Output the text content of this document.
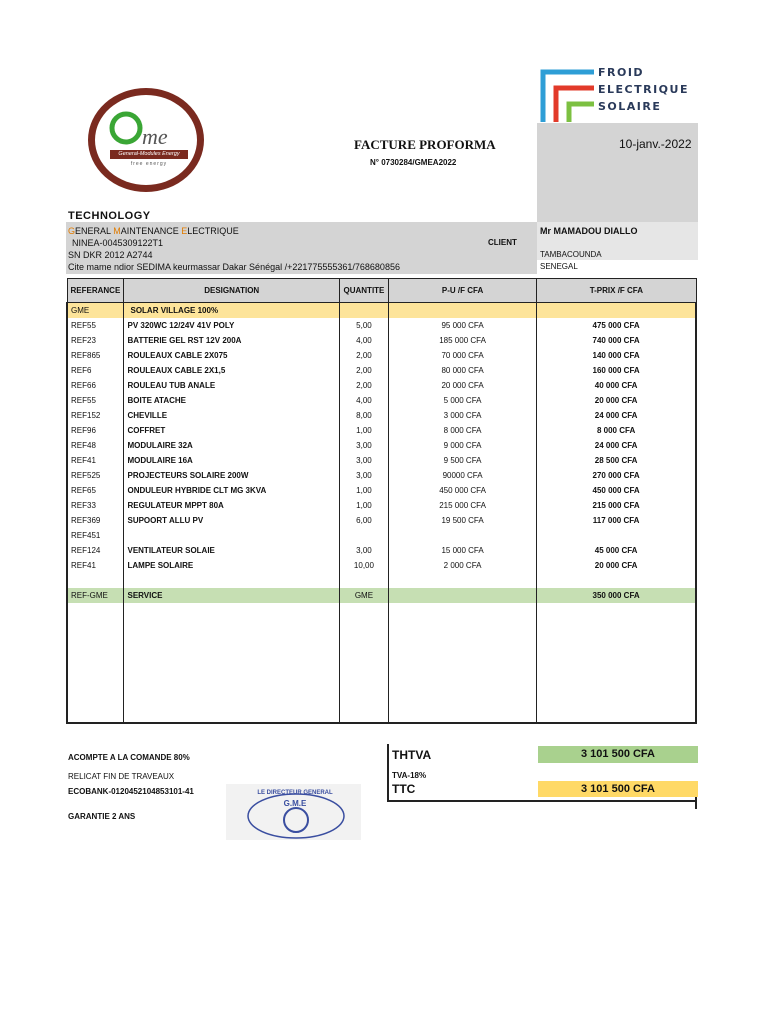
me
General-Modules Energy
free energy
FROID
ELECTRIQUE
SOLAIRE
FACTURE PROFORMA
N° 0730284/GMEA2022
10-janv.-2022
TECHNOLOGY
GENERAL MAINTENANCE ELECTRIQUE
NINEA-0045309122T1
SN DKR 2012 A2744
Cite mame ndior SEDIMA keurmassar Dakar Sénégal /+221775555361/768680856
CLIENT
Mr MAMADOU DIALLO
TAMBACOUNDA
SENEGAL
REFERANCE	DESIGNATION	QUANTITE	P-U /F CFA	T-PRIX /F CFA
GME	SOLAR VILLAGE 100%			
REF55	PV 320WC 12/24V 41V POLY	5,00	95 000 CFA	475 000 CFA
REF23	BATTERIE GEL RST 12V 200A	4,00	185 000 CFA	740 000 CFA
REF865	ROULEAUX CABLE 2X075	2,00	70 000 CFA	140 000 CFA
REF6	ROULEAUX CABLE 2X1,5	2,00	80 000 CFA	160 000 CFA
REF66	ROULEAU TUB ANALE	2,00	20 000 CFA	40 000 CFA
REF55	BOITE ATACHE	4,00	5 000 CFA	20 000 CFA
REF152	CHEVILLE	8,00	3 000 CFA	24 000 CFA
REF96	COFFRET	1,00	8 000 CFA	8 000 CFA
REF48	MODULAIRE 32A	3,00	9 000 CFA	24 000 CFA
REF41	MODULAIRE 16A	3,00	9 500 CFA	28 500 CFA
REF525	PROJECTEURS SOLAIRE 200W	3,00	90000 CFA	270 000 CFA
REF65	ONDULEUR HYBRIDE CLT MG 3KVA	1,00	450 000 CFA	450 000 CFA
REF33	REGULATEUR MPPT 80A	1,00	215 000 CFA	215 000 CFA
REF369	SUPOORT ALLU PV	6,00	19 500 CFA	117 000 CFA
REF451				
REF124	VENTILATEUR SOLAIE	3,00	15 000 CFA	45 000 CFA
REF41	LAMPE SOLAIRE	10,00	2 000 CFA	20 000 CFA

REF-GME	SERVICE	GME		350 000 CFA

ACOMPTE A LA COMANDE 80%
RELICAT FIN DE TRAVEAUX
ECOBANK-0120452104853101-41
GARANTIE 2 ANS
THTVA	3 101 500 CFA
TVA-18%
TTC	3 101 500 CFA
LE DIRECTEUR GENERAL
G.M.E
